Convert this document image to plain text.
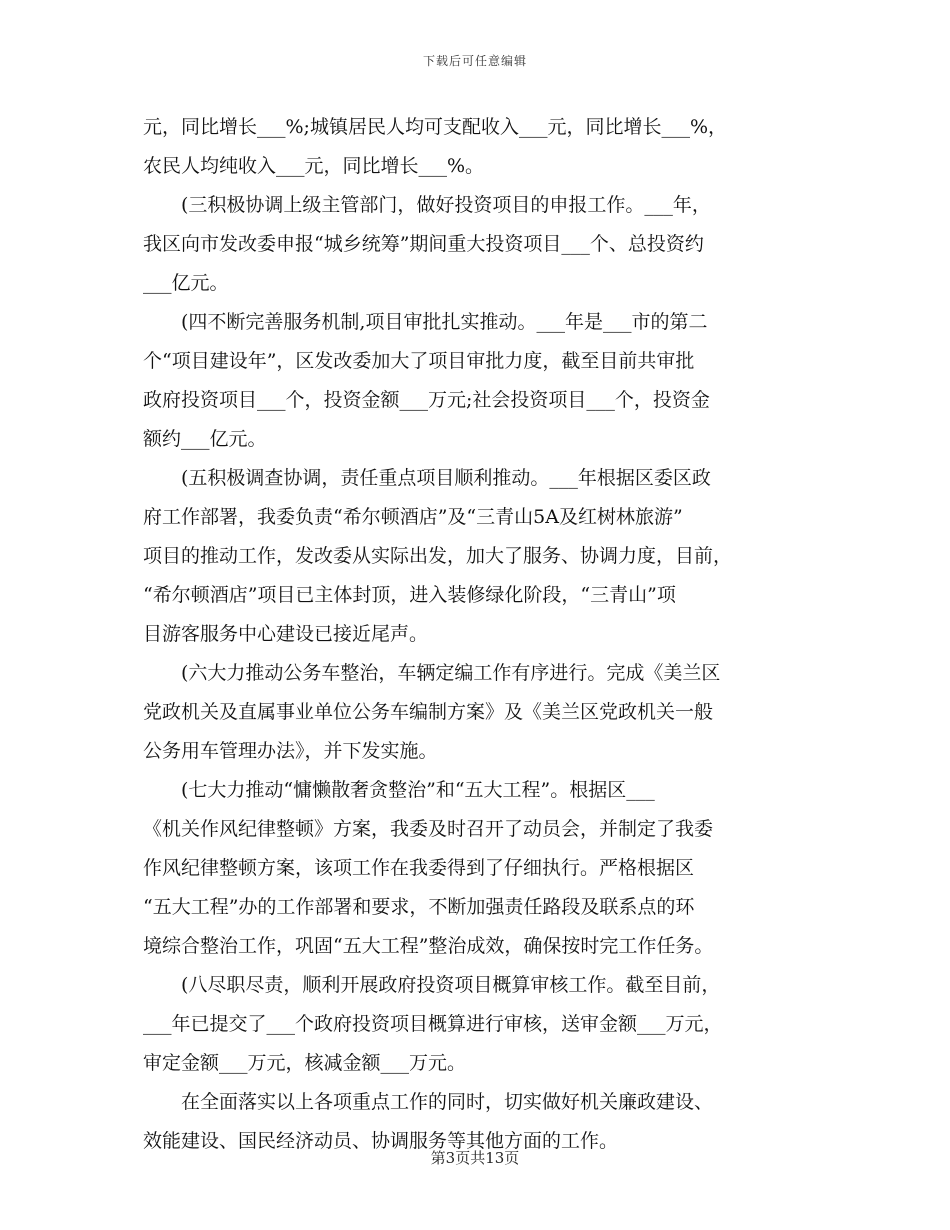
下载后可任意编辑

元，同比增长___%;城镇居民人均可支配收入___元，同比增长___%，
农民人均纯收入___元，同比增长___%。

(三积极协调上级主管部门，做好投资项目的申报工作。___年，
我区向市发改委申报“城乡统筹”期间重大投资项目___个、总投资约
___亿元。

(四不断完善服务机制,项目审批扎实推动。___年是___市的第二
个“项目建设年”，区发改委加大了项目审批力度，截至目前共审批
政府投资项目___个，投资金额___万元;社会投资项目___个，投资金
额约___亿元。

(五积极调查协调，责任重点项目顺利推动。___年根据区委区政
府工作部署，我委负责“希尔顿酒店”及“三青山5A及红树林旅游”
项目的推动工作，发改委从实际出发，加大了服务、协调力度，目前，
“希尔顿酒店”项目已主体封顶，进入装修绿化阶段，“三青山”项
目游客服务中心建设已接近尾声。

(六大力推动公务车整治，车辆定编工作有序进行。完成《美兰区
党政机关及直属事业单位公务车编制方案》及《美兰区党政机关一般
公务用车管理办法》，并下发实施。

(七大力推动“慵懒散奢贪整治”和“五大工程”。根据区___
《机关作风纪律整顿》方案，我委及时召开了动员会，并制定了我委
作风纪律整顿方案，该项工作在我委得到了仔细执行。严格根据区
“五大工程”办的工作部署和要求，不断加强责任路段及联系点的环
境综合整治工作，巩固“五大工程”整治成效，确保按时完工作任务。

(八尽职尽责，顺利开展政府投资项目概算审核工作。截至目前，
___年已提交了___个政府投资项目概算进行审核，送审金额___万元，
审定金额___万元，核减金额___万元。

在全面落实以上各项重点工作的同时，切实做好机关廉政建设、
效能建设、国民经济动员、协调服务等其他方面的工作。

第3页共13页
